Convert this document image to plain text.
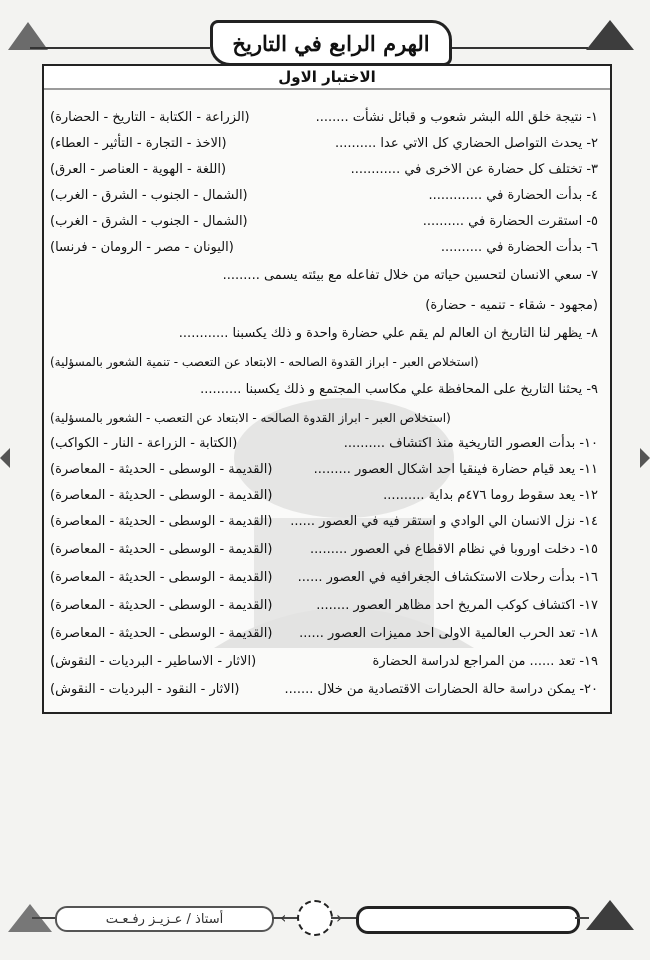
الهرم الرابع في التاريخ
الاختبار الاول
١- نتيجة خلق الله البشر شعوب و قبائل نشأت ........
(الزراعة - الكتابة - التاريخ - الحضارة)
٢- يحدث التواصل الحضاري كل الاتي عدا ..........
(الاخذ - التجارة - التأثير - العطاء)
٣- تختلف كل حضارة عن الاخرى في ............
(اللغة - الهوية - العناصر - العرق)
٤- بدأت الحضارة في .............
(الشمال - الجنوب - الشرق - الغرب)
٥- استقرت الحضارة في ..........
(الشمال - الجنوب - الشرق - الغرب)
٦- بدأت الحضارة في ..........
(اليونان - مصر - الرومان - فرنسا)
٧- سعي الانسان لتحسين حياته من خلال تفاعله مع بيئته يسمى .........
(مجهود - شقاء - تنميه - حضارة)
٨- يظهر لنا التاريخ ان العالم لم يقم علي حضارة واحدة و ذلك يكسبنا ............
(استخلاص العبر - ابراز القدوة الصالحه - الابتعاد عن التعصب - تنمية الشعور بالمسؤلية)
٩- يحثنا التاريخ على المحافظة علي مكاسب المجتمع و ذلك يكسبنا ..........
(استخلاص العبر - ابراز القدوة الصالحه - الابتعاد عن التعصب - الشعور بالمسؤلية)
١٠- بدأت العصور التاريخية منذ اكتشاف ..........
(الكتابة - الزراعة - النار - الكواكب)
١١- يعد قيام حضارة فينقيا احد اشكال العصور .........
(القديمة - الوسطى - الحديثة - المعاصرة)
١٢- يعد سقوط روما ٤٧٦م بداية ..........
(القديمة - الوسطى - الحديثة - المعاصرة)
١٤- نزل الانسان الي الوادي و استقر فيه في العصور ......
(القديمة - الوسطى - الحديثة - المعاصرة)
١٥- دخلت اوروبا في نظام الاقطاع في العصور .........
(القديمة - الوسطى - الحديثة - المعاصرة)
١٦- بدأت رحلات الاستكشاف الجغرافيه في العصور ......
(القديمة - الوسطى - الحديثة - المعاصرة)
١٧- اكتشاف كوكب المريخ احد مظاهر العصور ........
(القديمة - الوسطى - الحديثة - المعاصرة)
١٨- تعد الحرب العالمية الاولى احد مميزات العصور ......
(القديمة - الوسطى - الحديثة - المعاصرة)
١٩- تعد ...... من المراجع لدراسة الحضارة
(الاثار - الاساطير - البرديات - النقوش)
٢٠- يمكن دراسة حالة الحضارات الاقتصادية من خلال .......
(الاثار - النقود - البرديات - النقوش)
أستاذ / عـزيـز رفـعـت	‹
